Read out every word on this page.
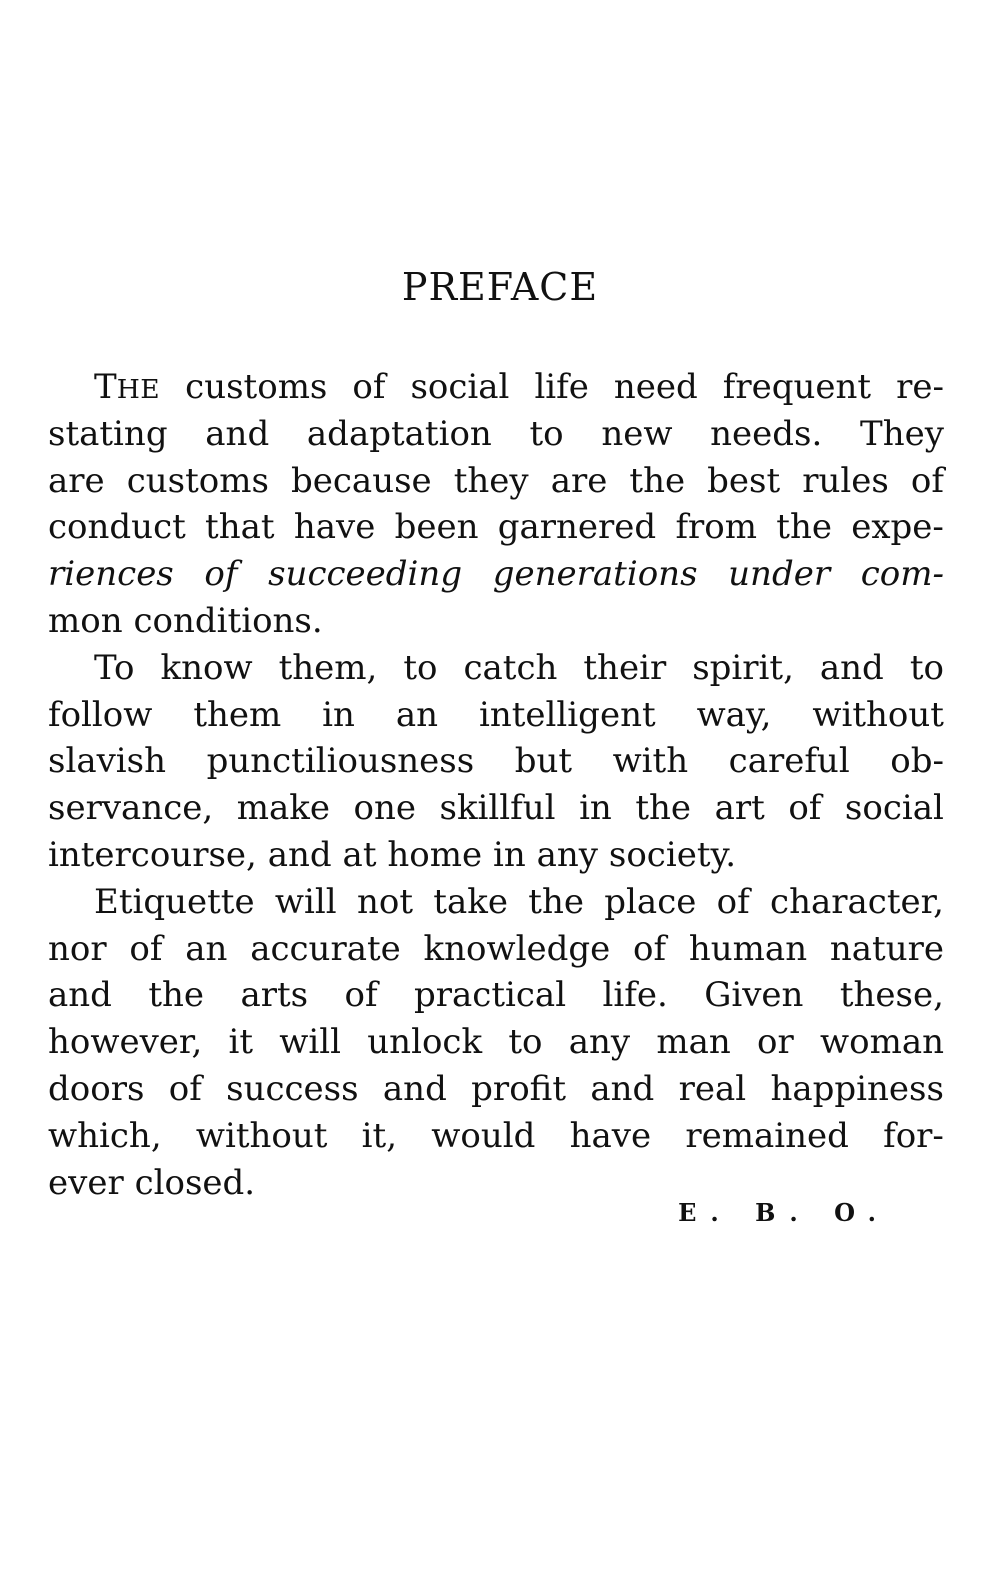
PREFACE
THE customs of social life need frequent re-
stating and adaptation to new needs. They
are customs because they are the best rules of
conduct that have been garnered from the expe-
riences of succeeding generations under com-
mon conditions.
To know them, to catch their spirit, and to
follow them in an intelligent way, without
slavish punctiliousness but with careful ob-
servance, make one skillful in the art of social
intercourse, and at home in any society.
Etiquette will not take the place of character,
nor of an accurate knowledge of human nature
and the arts of practical life. Given these,
however, it will unlock to any man or woman
doors of success and profit and real happiness
which, without it, would have remained for-
ever closed.
E. B. O.
